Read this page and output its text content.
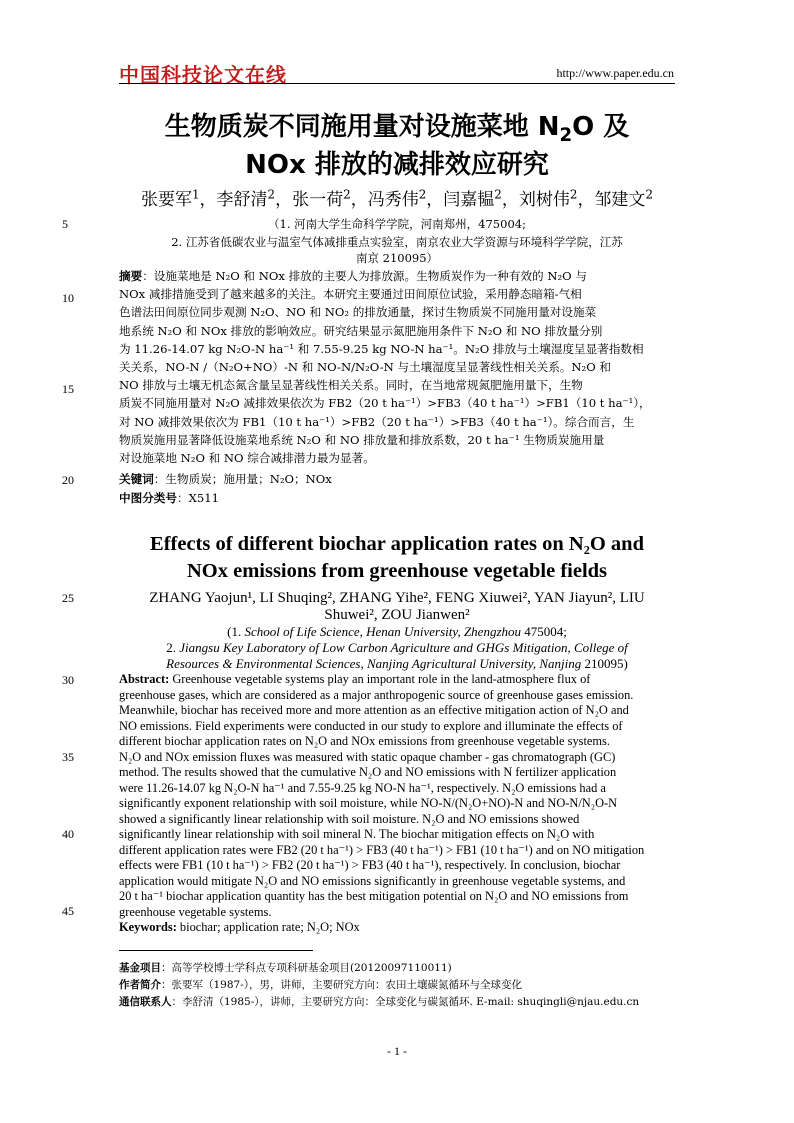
中国科技论文在线	http://www.paper.edu.cn
生物质炭不同施用量对设施菜地 $N_2O$ 及
NOx 排放的减排效应研究
张要军$^1$，李舒清$^2$，张一荷$^2$，冯秀伟$^2$，闫嘉韫$^2$，刘树伟$^2$，邹建文$^2$
（1. 河南大学生命科学学院，河南郑州，475004;
2. 江苏省低碳农业与温室气体减排重点实验室，南京农业大学资源与环境科学学院，江苏
南京 210095）
5
10
15
20
25
30
35
40
45
摘要：设施菜地是 N₂O 和 NOx 排放的主要人为排放源。生物质炭作为一种有效的 N₂O 与
NOx 减排措施受到了越来越多的关注。本研究主要通过田间原位试验，采用静态暗箱-气相
色谱法田间原位同步观测 N₂O、NO 和 NO₂ 的排放通量，探讨生物质炭不同施用量对设施菜
地系统 N₂O 和 NOx 排放的影响效应。研究结果显示氮肥施用条件下 N₂O 和 NO 排放量分别
为 11.26-14.07 kg N₂O-N ha⁻¹ 和 7.55-9.25 kg NO-N ha⁻¹。N₂O 排放与土壤湿度呈显著指数相
关关系，NO-N /（N₂O+NO）-N 和 NO-N/N₂O-N 与土壤湿度呈显著线性相关关系。N₂O 和
NO 排放与土壤无机态氮含量呈显著线性相关关系。同时，在当地常规氮肥施用量下，生物
质炭不同施用量对 N₂O 减排效果依次为 FB2（20 t ha⁻¹）>FB3（40 t ha⁻¹）>FB1（10 t ha⁻¹），
对 NO 减排效果依次为 FB1（10 t ha⁻¹）>FB2（20 t ha⁻¹）>FB3（40 t ha⁻¹）。综合而言，生
物质炭施用显著降低设施菜地系统 N₂O 和 NO 排放量和排放系数，20 t ha⁻¹ 生物质炭施用量
对设施菜地 N₂O 和 NO 综合减排潜力最为显著。
关键词：生物质炭；施用量；N₂O；NOx
中图分类号：X511
Effects of different biochar application rates on N₂O and
NOx emissions from greenhouse vegetable fields
ZHANG Yaojun¹, LI Shuqing², ZHANG Yihe², FENG Xiuwei², YAN Jiayun², LIU
Shuwei², ZOU Jianwen²
(1. School of Life Science, Henan University, Zhengzhou 475004;
2. Jiangsu Key Laboratory of Low Carbon Agriculture and GHGs Mitigation, College of
Resources & Environmental Sciences, Nanjing Agricultural University, Nanjing 210095)
Abstract: Greenhouse vegetable systems play an important role in the land-atmosphere flux of
greenhouse gases, which are considered as a major anthropogenic source of greenhouse gases emission.
Meanwhile, biochar has received more and more attention as an effective mitigation action of N₂O and
NO emissions. Field experiments were conducted in our study to explore and illuminate the effects of
different biochar application rates on N₂O and NOx emissions from greenhouse vegetable systems.
N₂O and NOx emission fluxes was measured with static opaque chamber - gas chromatograph (GC)
method. The results showed that the cumulative N₂O and NO emissions with N fertilizer application
were 11.26-14.07 kg N₂O-N ha⁻¹ and 7.55-9.25 kg NO-N ha⁻¹, respectively. N₂O emissions had a
significantly exponent relationship with soil moisture, while NO-N/(N₂O+NO)-N and NO-N/N₂O-N
showed a significantly linear relationship with soil moisture. N₂O and NO emissions showed
significantly linear relationship with soil mineral N. The biochar mitigation effects on N₂O with
different application rates were FB2 (20 t ha⁻¹) > FB3 (40 t ha⁻¹) > FB1 (10 t ha⁻¹) and on NO mitigation
effects were FB1 (10 t ha⁻¹) > FB2 (20 t ha⁻¹) > FB3 (40 t ha⁻¹), respectively. In conclusion, biochar
application would mitigate N₂O and NO emissions significantly in greenhouse vegetable systems, and
20 t ha⁻¹ biochar application quantity has the best mitigation potential on N₂O and NO emissions from
greenhouse vegetable systems.
Keywords: biochar; application rate; N₂O; NOx
基金项目：高等学校博士学科点专项科研基金项目(20120097110011)
作者简介：张要军（1987-），男，讲师，主要研究方向：农田土壤碳氮循环与全球变化
通信联系人：李舒清（1985-），讲师，主要研究方向：全球变化与碳氮循环. E-mail: shuqingli@njau.edu.cn
- 1 -
